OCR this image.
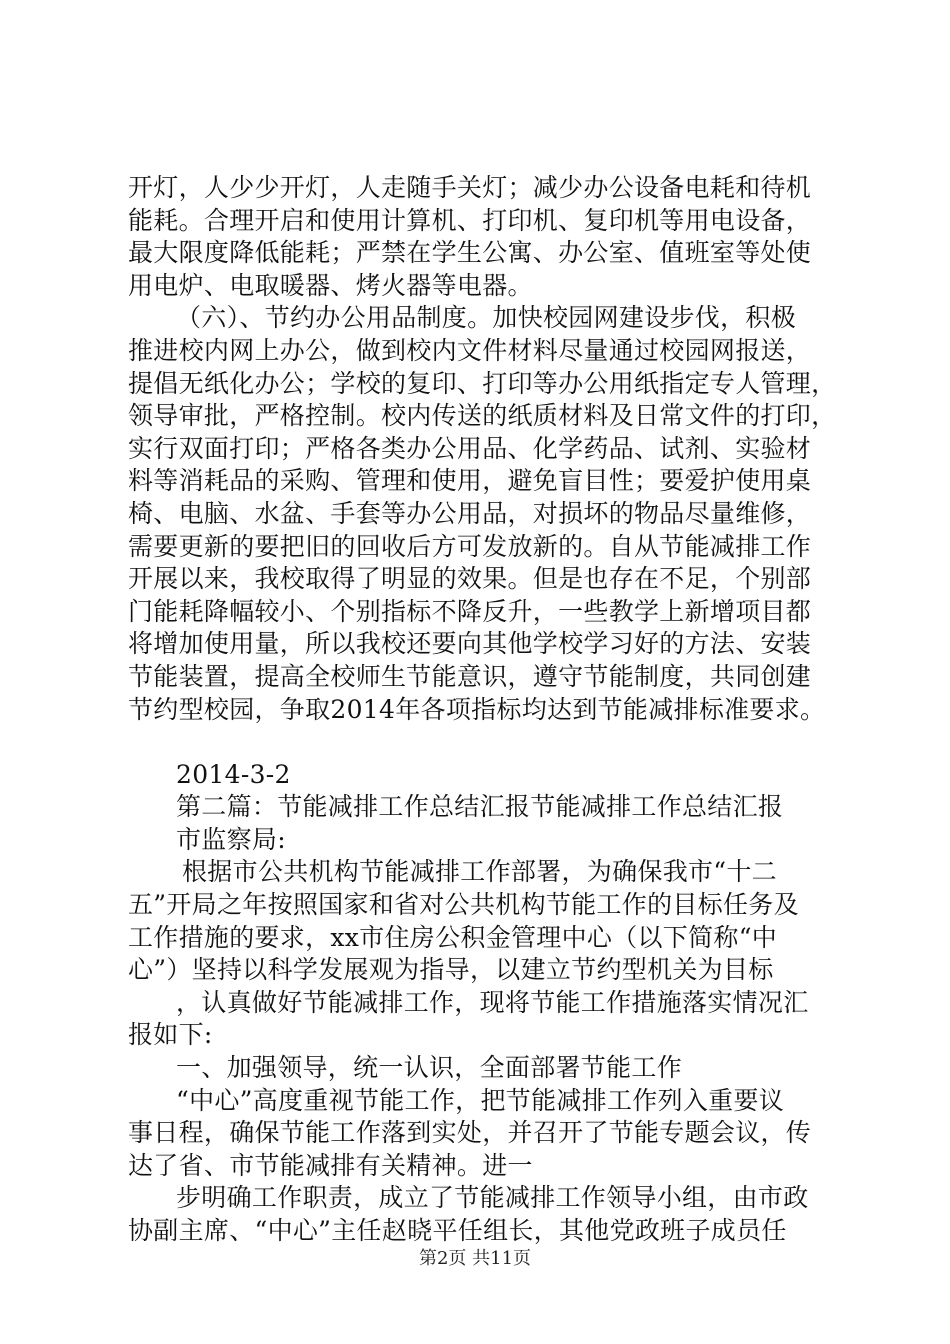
开灯，人少少开灯，人走随手关灯；减少办公设备电耗和待机
能耗。合理开启和使用计算机、打印机、复印机等用电设备，
最大限度降低能耗；严禁在学生公寓、办公室、值班室等处使
用电炉、电取暖器、烤火器等电器。
（六）、节约办公用品制度。加快校园网建设步伐，积极
推进校内网上办公，做到校内文件材料尽量通过校园网报送，
提倡无纸化办公；学校的复印、打印等办公用纸指定专人管理，
领导审批，严格控制。校内传送的纸质材料及日常文件的打印，
实行双面打印；严格各类办公用品、化学药品、试剂、实验材
料等消耗品的采购、管理和使用，避免盲目性；要爱护使用桌
椅、电脑、水盆、手套等办公用品，对损坏的物品尽量维修，
需要更新的要把旧的回收后方可发放新的。自从节能减排工作
开展以来，我校取得了明显的效果。但是也存在不足，个别部
门能耗降幅较小、个别指标不降反升，一些教学上新增项目都
将增加使用量，所以我校还要向其他学校学习好的方法、安装
节能装置，提高全校师生节能意识，遵守节能制度，共同创建
节约型校园，争取2014年各项指标均达到节能减排标准要求。
2014-3-2
第二篇：节能减排工作总结汇报节能减排工作总结汇报
市监察局:
根据市公共机构节能减排工作部署，为确保我市“十二
五”开局之年按照国家和省对公共机构节能工作的目标任务及
工作措施的要求，xx市住房公积金管理中心（以下简称“中
心”）坚持以科学发展观为指导，以建立节约型机关为目标
，认真做好节能减排工作，现将节能工作措施落实情况汇
报如下:
一、加强领导，统一认识，全面部署节能工作
“中心”高度重视节能工作，把节能减排工作列入重要议
事日程，确保节能工作落到实处，并召开了节能专题会议，传
达了省、市节能减排有关精神。进一
步明确工作职责，成立了节能减排工作领导小组，由市政
协副主席、“中心”主任赵晓平任组长，其他党政班子成员任
第2页 共11页
